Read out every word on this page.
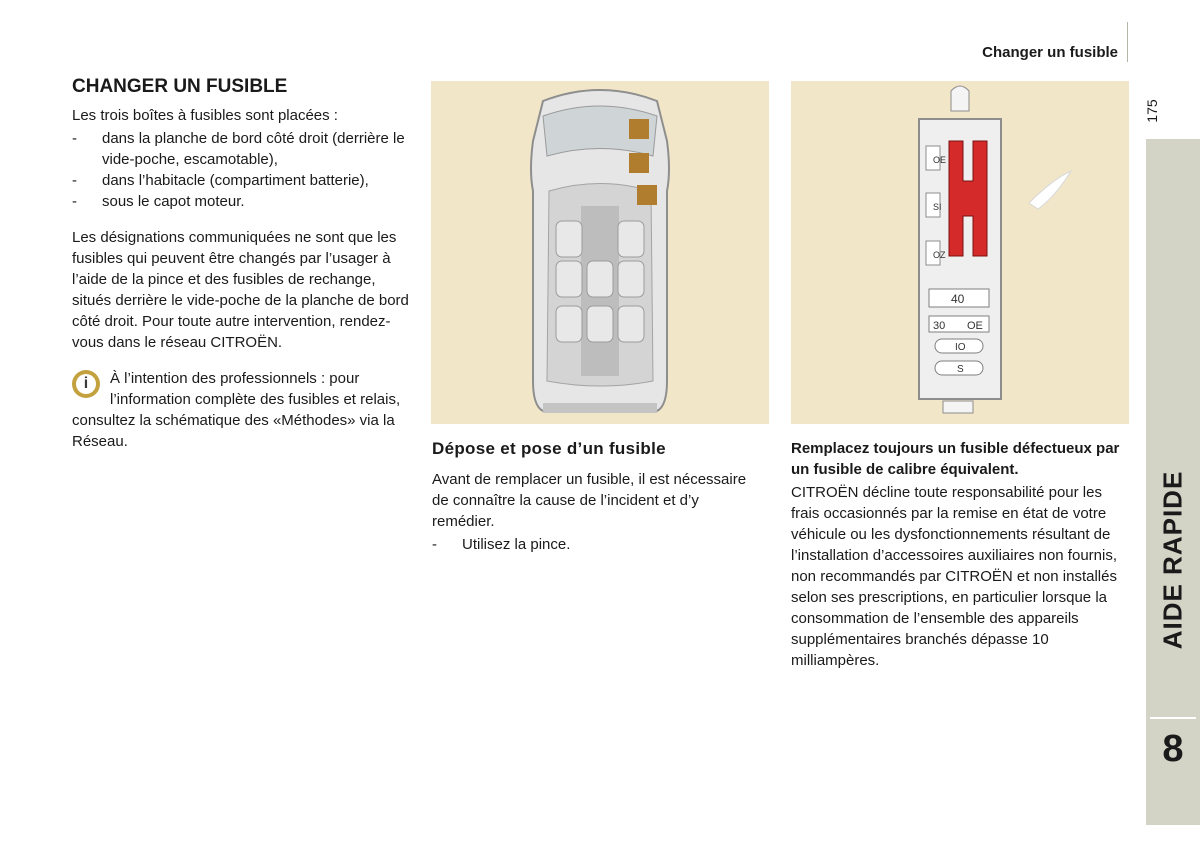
Changer un fusible
175
AIDE RAPIDE
8
CHANGER UN FUSIBLE

Les trois boîtes à fusibles sont placées :

- dans la planche de bord côté droit (derrière le vide-poche, escamotable),
- dans l’habitacle (compartiment batterie),
- sous le capot moteur.

Les désignations communiquées ne sont que les fusibles qui peuvent être changés par l’usager à l’aide de la pince et des fusibles de rechange, situés derrière le vide-poche de la planche de bord côté droit. Pour toute autre intervention, rendez-vous dans le réseau CITROËN.

i	À l’intention des professionnels : pour l’information complète des fusibles et relais, consultez la schématique des «Méthodes» via la Réseau.
OE
SI
OZ
40
30 OE
IO
S
Dépose et pose d’un fusible

Avant de remplacer un fusible, il est nécessaire de connaître la cause de l’incident et d’y remédier.

- Utilisez la pince.

Remplacez toujours un fusible défectueux par un fusible de calibre équivalent.

CITROËN décline toute responsabilité pour les frais occasionnés par la remise en état de votre véhicule ou les dysfonctionnements résultant de l’installation d’accessoires auxiliaires non fournis, non recommandés par CITROËN et non installés selon ses prescriptions, en particulier lorsque la consommation de l’ensemble des appareils supplémentaires branchés dépasse 10 milliampères.
